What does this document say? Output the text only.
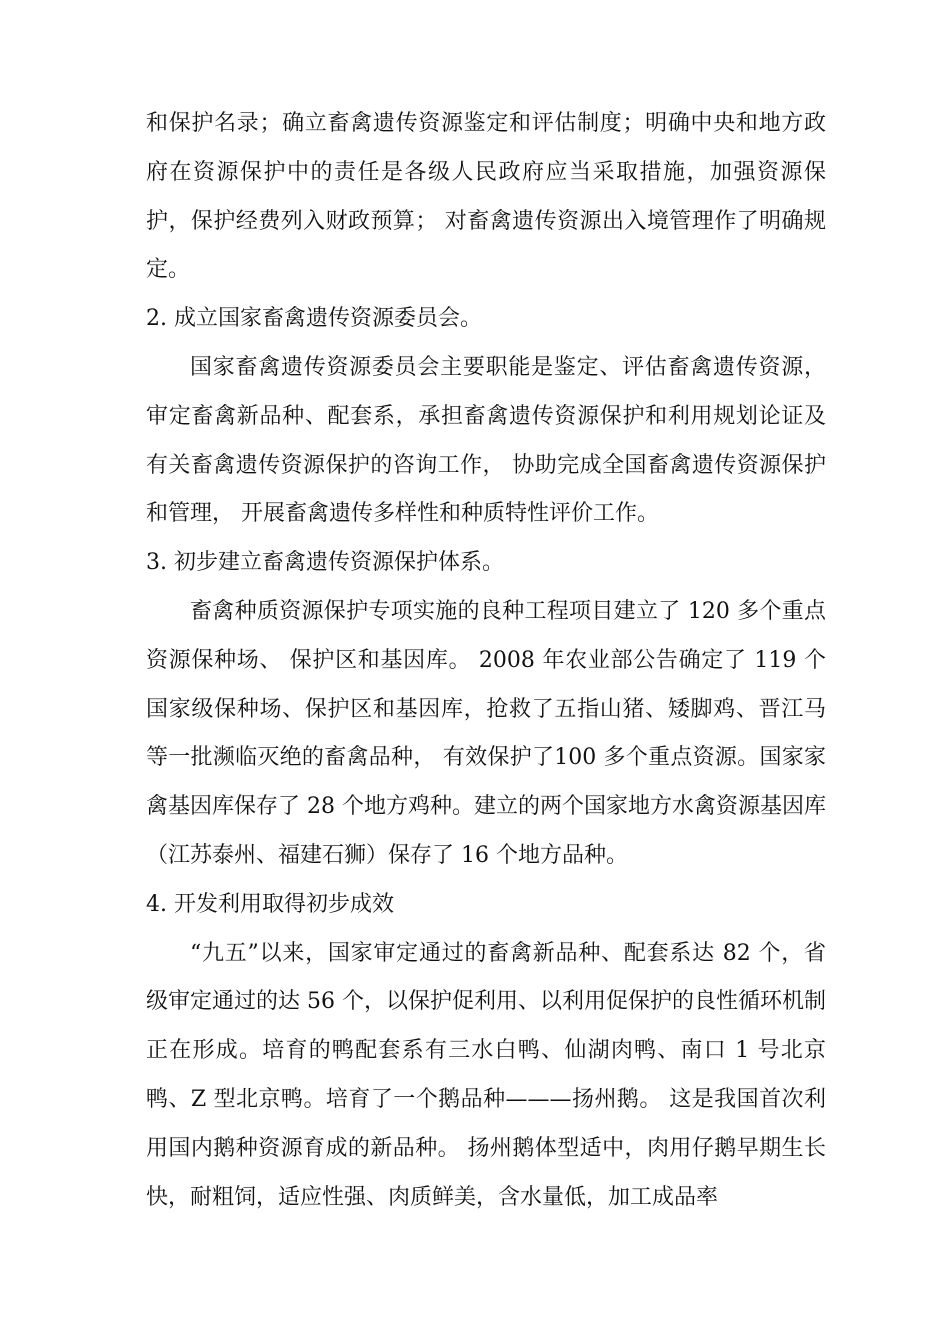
和保护名录；确立畜禽遗传资源鉴定和评估制度；明确中央和地方政府在资源保护中的责任是各级人民政府应当采取措施，加强资源保护，保护经费列入财政预算； 对畜禽遗传资源出入境管理作了明确规定。

2. 成立国家畜禽遗传资源委员会。

国家畜禽遗传资源委员会主要职能是鉴定、评估畜禽遗传资源，审定畜禽新品种、配套系，承担畜禽遗传资源保护和利用规划论证及有关畜禽遗传资源保护的咨询工作， 协助完成全国畜禽遗传资源保护和管理， 开展畜禽遗传多样性和种质特性评价工作。

3. 初步建立畜禽遗传资源保护体系。

畜禽种质资源保护专项实施的良种工程项目建立了 120 多个重点资源保种场、 保护区和基因库。 2008 年农业部公告确定了 119 个国家级保种场、保护区和基因库，抢救了五指山猪、矮脚鸡、晋江马等一批濒临灭绝的畜禽品种， 有效保护了100 多个重点资源。国家家禽基因库保存了 28 个地方鸡种。建立的两个国家地方水禽资源基因库（江苏泰州、福建石狮）保存了 16 个地方品种。

4. 开发利用取得初步成效

“九五”以来，国家审定通过的畜禽新品种、配套系达 82 个，省级审定通过的达 56 个，以保护促利用、以利用促保护的良性循环机制正在形成。培育的鸭配套系有三水白鸭、仙湖肉鸭、南口 1 号北京鸭、Z 型北京鸭。培育了一个鹅品种———扬州鹅。 这是我国首次利用国内鹅种资源育成的新品种。 扬州鹅体型适中，肉用仔鹅早期生长快，耐粗饲，适应性强、肉质鲜美，含水量低，加工成品率
